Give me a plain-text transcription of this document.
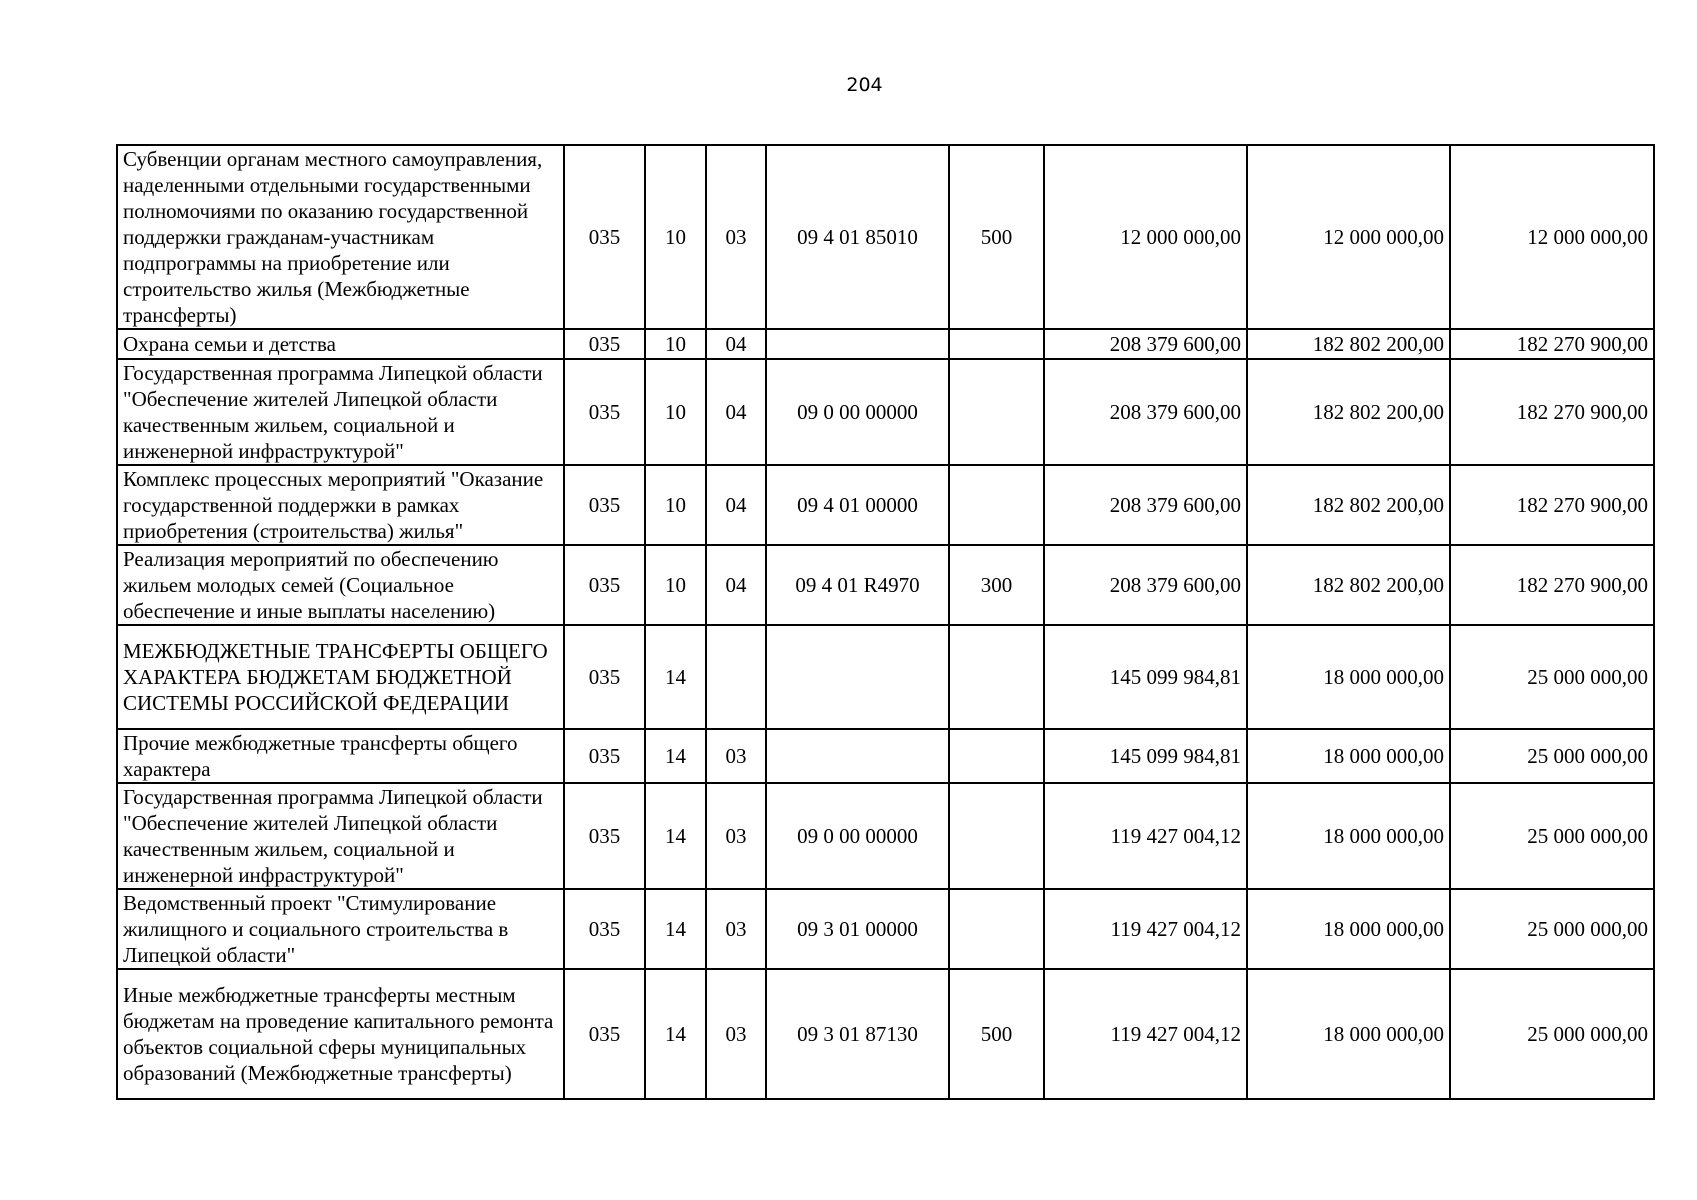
204
Субвенции органам местного самоуправления, наделенными отдельными государственными полномочиями по оказанию государственной поддержки гражданам-участникам подпрограммы на приобретение или строительство жилья (Межбюджетные трансферты)	035	10	03	09 4 01 85010	500	12 000 000,00	12 000 000,00	12 000 000,00
Охрана семьи и детства	035	10	04			208 379 600,00	182 802 200,00	182 270 900,00
Государственная программа Липецкой области "Обеспечение жителей Липецкой области качественным жильем, социальной и инженерной инфраструктурой"	035	10	04	09 0 00 00000		208 379 600,00	182 802 200,00	182 270 900,00
Комплекс процессных мероприятий "Оказание государственной поддержки в рамках приобретения (строительства) жилья"	035	10	04	09 4 01 00000		208 379 600,00	182 802 200,00	182 270 900,00
Реализация мероприятий по обеспечению жильем молодых семей (Социальное обеспечение и иные выплаты населению)	035	10	04	09 4 01 R4970	300	208 379 600,00	182 802 200,00	182 270 900,00
МЕЖБЮДЖЕТНЫЕ ТРАНСФЕРТЫ ОБЩЕГО ХАРАКТЕРА БЮДЖЕТАМ БЮДЖЕТНОЙ СИСТЕМЫ РОССИЙСКОЙ ФЕДЕРАЦИИ	035	14				145 099 984,81	18 000 000,00	25 000 000,00
Прочие межбюджетные трансферты общего характера	035	14	03			145 099 984,81	18 000 000,00	25 000 000,00
Государственная программа Липецкой области "Обеспечение жителей Липецкой области качественным жильем, социальной и инженерной инфраструктурой"	035	14	03	09 0 00 00000		119 427 004,12	18 000 000,00	25 000 000,00
Ведомственный проект "Стимулирование жилищного и социального строительства в Липецкой области"	035	14	03	09 3 01 00000		119 427 004,12	18 000 000,00	25 000 000,00
Иные межбюджетные трансферты местным бюджетам на проведение капитального ремонта объектов социальной сферы муниципальных образований (Межбюджетные трансферты)	035	14	03	09 3 01 87130	500	119 427 004,12	18 000 000,00	25 000 000,00
